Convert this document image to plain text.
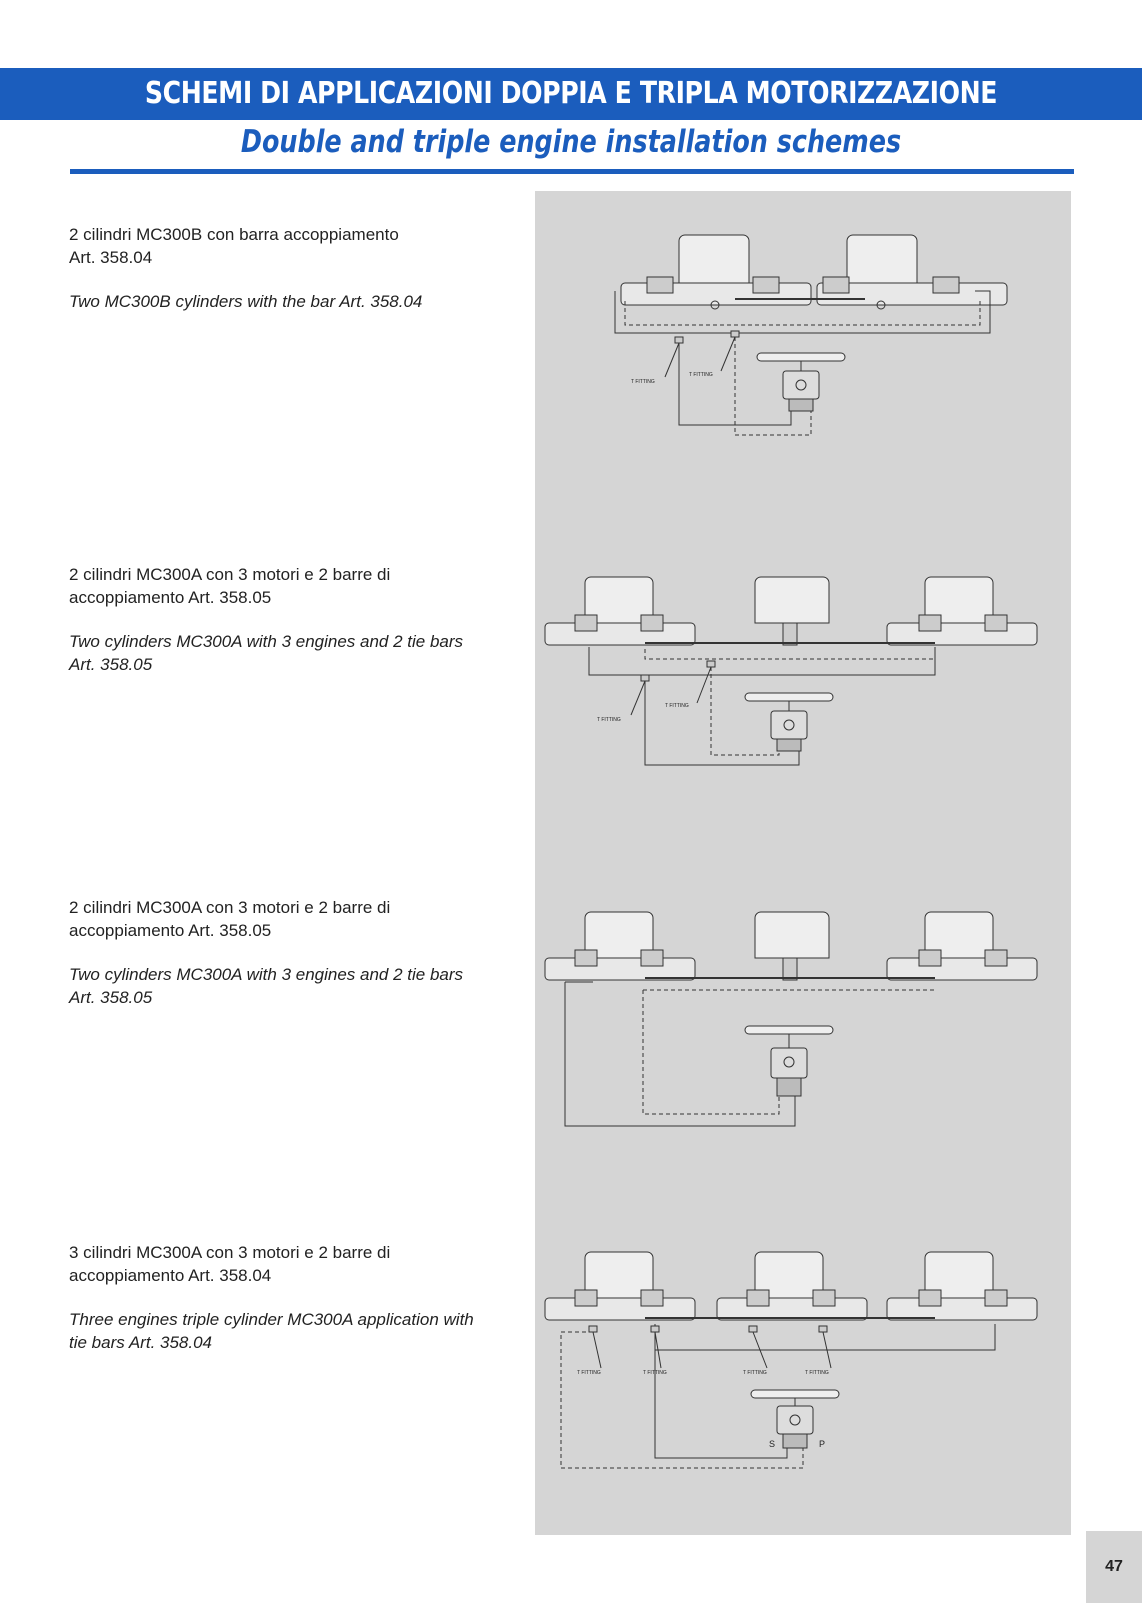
SCHEMI DI APPLICAZIONI DOPPIA E TRIPLA MOTORIZZAZIONE
Double and triple engine installation schemes

2 cilindri MC300B con barra accoppiamento

Art. 358.04

Two MC300B cylinders with the bar Art. 358.04

2 cilindri MC300A con 3 motori e 2 barre di

accoppiamento Art. 358.05

Two cylinders MC300A with 3 engines and 2 tie bars

Art. 358.05

2 cilindri MC300A con 3 motori e 2 barre di

accoppiamento Art. 358.05

Two cylinders MC300A with 3 engines and 2 tie bars

Art. 358.05

3 cilindri MC300A con 3 motori e 2 barre di

accoppiamento Art. 358.04

Three engines triple cylinder MC300A application with

tie bars Art. 358.04

T FITTING
T FITTING
T FITTING
T FITTING
T FITTING	T FITTING	T FITTING	T FITTING
S	P
47
